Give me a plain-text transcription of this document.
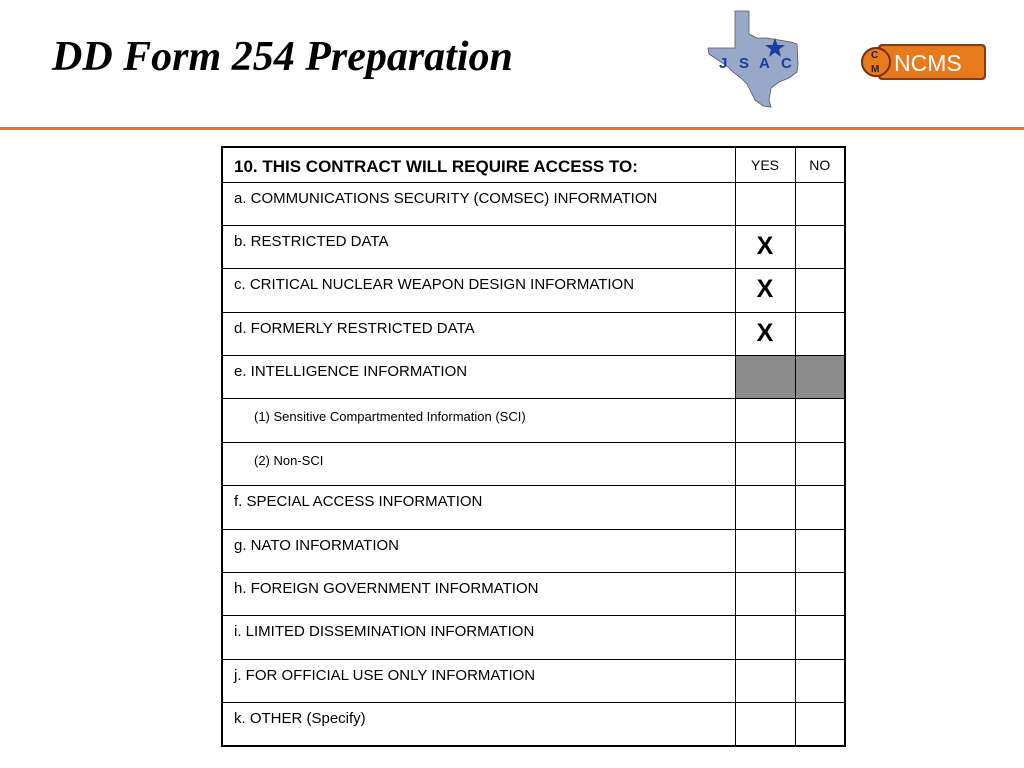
DD Form 254 Preparation	J S A C	C
M NCMS
10. THIS CONTRACT WILL REQUIRE ACCESS TO:	YES	NO
a. COMMUNICATIONS SECURITY (COMSEC) INFORMATION	

b. RESTRICTED DATA	X	

c. CRITICAL NUCLEAR WEAPON DESIGN INFORMATION	X	

d. FORMERLY RESTRICTED DATA	X	

e. INTELLIGENCE INFORMATION	

(1) Sensitive Compartmented Information (SCI)	

(2) Non-SCI	

f. SPECIAL ACCESS INFORMATION	

g. NATO INFORMATION	

h. FOREIGN GOVERNMENT INFORMATION	

i. LIMITED DISSEMINATION INFORMATION	

j. FOR OFFICIAL USE ONLY INFORMATION	

k. OTHER (Specify)	
